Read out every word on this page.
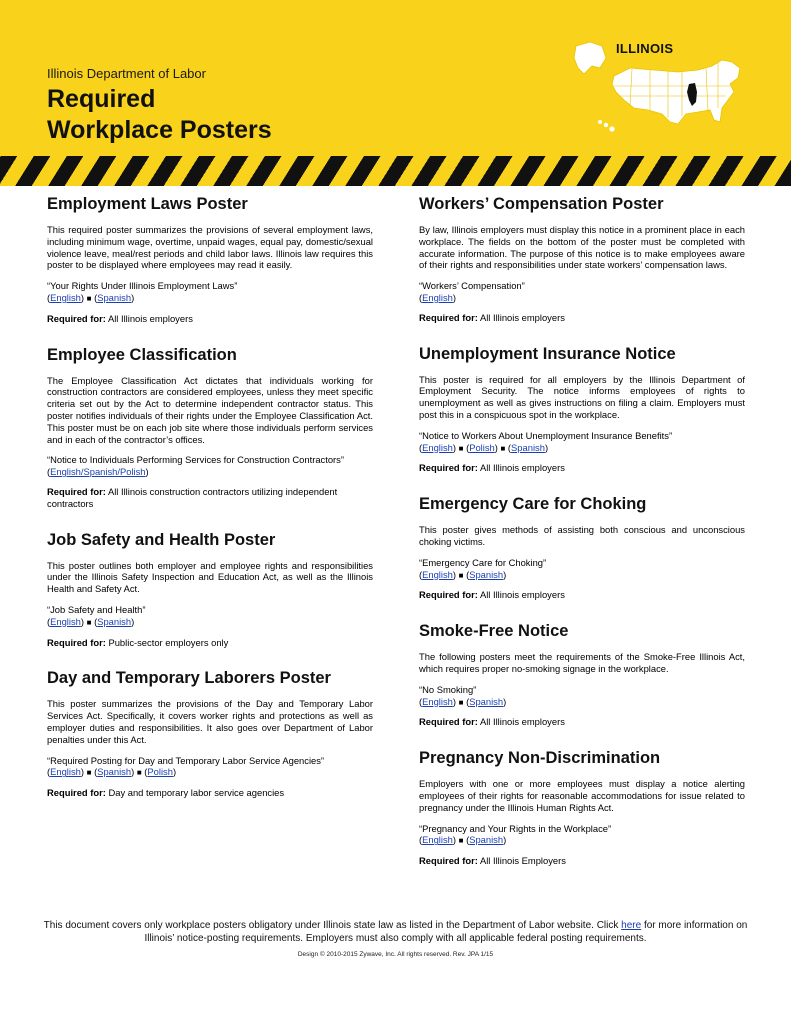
Illinois Department of Labor
Required
Workplace Posters
ILLINOIS
Employment Laws Poster

This required poster summarizes the provisions of several employment laws, including minimum wage, overtime, unpaid wages, equal pay, domestic/sexual violence leave, meal/rest periods and child labor laws. Illinois law requires this poster to be displayed where employees may read it easily.

“Your Rights Under Illinois Employment Laws”

(English) ■ (Spanish)

Required for: All Illinois employers

Employee Classification

The Employee Classification Act dictates that individuals working for construction contractors are considered employees, unless they meet specific criteria set out by the Act to determine independent contractor status. This poster notifies individuals of their rights under the Employee Classification Act. This poster must be on each job site where those individuals perform services and in each of the contractor’s offices.

“Notice to Individuals Performing Services for Construction Contractors”

(English/Spanish/Polish)

Required for: All Illinois construction contractors utilizing independent contractors

Job Safety and Health Poster

This poster outlines both employer and employee rights and responsibilities under the Illinois Safety Inspection and Education Act, as well as the Illinois Health and Safety Act.

“Job Safety and Health”

(English) ■ (Spanish)

Required for: Public-sector employers only

Day and Temporary Laborers Poster

This poster summarizes the provisions of the Day and Temporary Labor Services Act. Specifically, it covers worker rights and protections as well as employer duties and responsibilities. It also goes over Department of Labor penalties under this Act.

“Required Posting for Day and Temporary Labor Service Agencies”

(English) ■ (Spanish) ■ (Polish)

Required for: Day and temporary labor service agencies

Workers’ Compensation Poster

By law, Illinois employers must display this notice in a prominent place in each workplace. The fields on the bottom of the poster must be completed with accurate information. The purpose of this notice is to make employees aware of their rights and responsibilities under state workers’ compensation laws.

“Workers’ Compensation”

(English)

Required for: All Illinois employers

Unemployment Insurance Notice

This poster is required for all employers by the Illinois Department of Employment Security. The notice informs employees of rights to unemployment as well as gives instructions on filing a claim. Employers must post this in a conspicuous spot in the workplace.

“Notice to Workers About Unemployment Insurance Benefits”

(English) ■ (Polish) ■ (Spanish)

Required for: All Illinois employers

Emergency Care for Choking

This poster gives methods of assisting both conscious and unconscious choking victims.

“Emergency Care for Choking”

(English) ■ (Spanish)

Required for: All Illinois employers

Smoke-Free Notice

The following posters meet the requirements of the Smoke-Free Illinois Act, which requires proper no-smoking signage in the workplace.

“No Smoking”

(English) ■ (Spanish)

Required for: All Illinois employers

Pregnancy Non-Discrimination

Employers with one or more employees must display a notice alerting employees of their rights for reasonable accommodations for issue related to pregnancy under the Illinois Human Rights Act.

“Pregnancy and Your Rights in the Workplace”

(English) ■ (Spanish)

Required for: All Illinois Employers

This document covers only workplace posters obligatory under Illinois state law as listed in the Department of Labor website. Click here for more information on Illinois’ notice-posting requirements. Employers must also comply with all applicable federal posting requirements.
Design © 2010-2015 Zywave, Inc. All rights reserved. Rev. JPA 1/15
